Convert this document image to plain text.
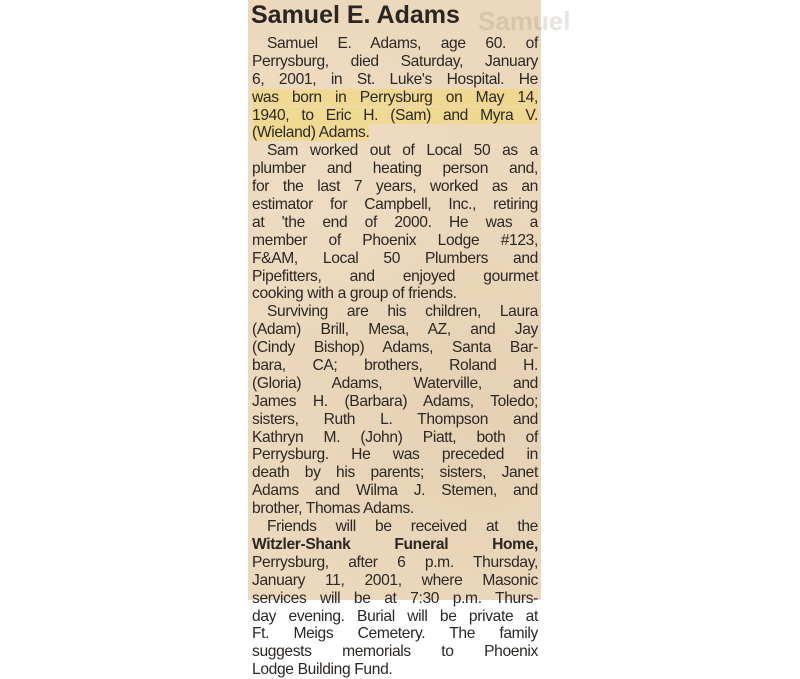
Samuel
Samuel E. Adams
Samuel E. Adams, age 60. of
Perrysburg, died Saturday, January
6, 2001, in St. Luke's Hospital. He
was born in Perrysburg on May 14,
1940, to Eric H. (Sam) and Myra V.
(Wieland) Adams.
Sam worked out of Local 50 as a
plumber and heating person and,
for the last 7 years, worked as an
estimator for Campbell, Inc., retiring
at 'the end of 2000. He was a
member of Phoenix Lodge #123,
F&AM, Local 50 Plumbers and
Pipefitters, and enjoyed gourmet
cooking with a group of friends.
Surviving are his children, Laura
(Adam) Brill, Mesa, AZ, and Jay
(Cindy Bishop) Adams, Santa Bar-
bara, CA; brothers, Roland H.
(Gloria) Adams, Waterville, and
James H. (Barbara) Adams, Toledo;
sisters, Ruth L. Thompson and
Kathryn M. (John) Piatt, both of
Perrysburg. He was preceded in
death by his parents; sisters, Janet
Adams and Wilma J. Stemen, and
brother, Thomas Adams.
Friends will be received at the
Witzler-Shank Funeral Home,
Perrysburg, after 6 p.m. Thursday,
January 11, 2001, where Masonic
services will be at 7:30 p.m. Thurs-
day evening. Burial will be private at
Ft. Meigs Cemetery. The family
suggests memorials to Phoenix
Lodge Building Fund.
